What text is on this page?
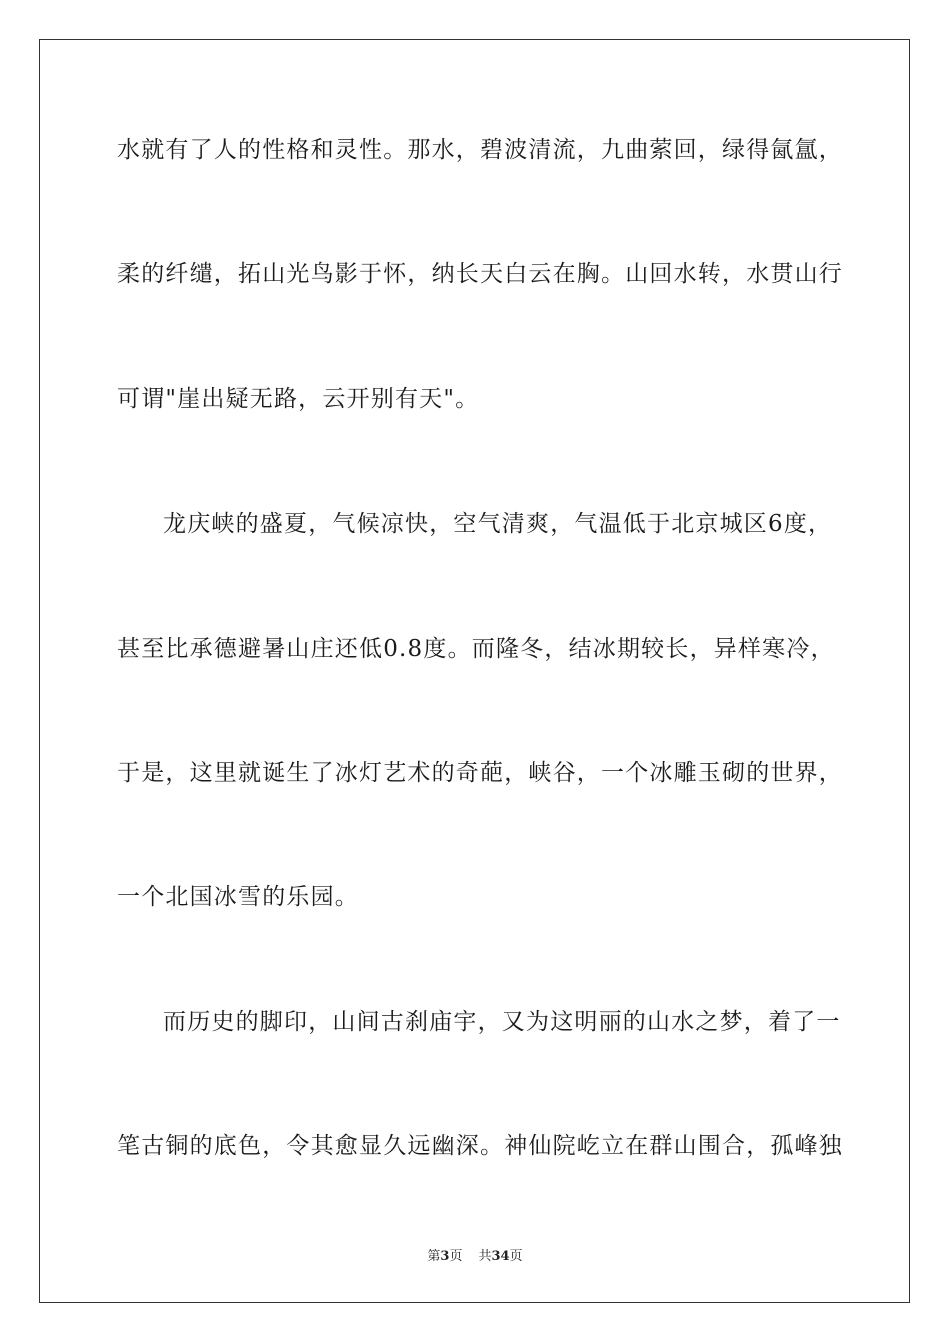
水就有了人的性格和灵性。那水，碧波清流，九曲萦回，绿得氤氲，
柔的纤缱，拓山光鸟影于怀，纳长天白云在胸。山回水转，水贯山行
可谓"崖出疑无路，云开别有天"。
龙庆峡的盛夏，气候凉快，空气清爽，气温低于北京城区6度，
甚至比承德避暑山庄还低0.8度。而隆冬，结冰期较长，异样寒冷，
于是，这里就诞生了冰灯艺术的奇葩，峡谷，一个冰雕玉砌的世界，
一个北国冰雪的乐园。
而历史的脚印，山间古刹庙宇，又为这明丽的山水之梦，着了一
笔古铜的底色，令其愈显久远幽深。神仙院屹立在群山围合，孤峰独
第3页 共34页
